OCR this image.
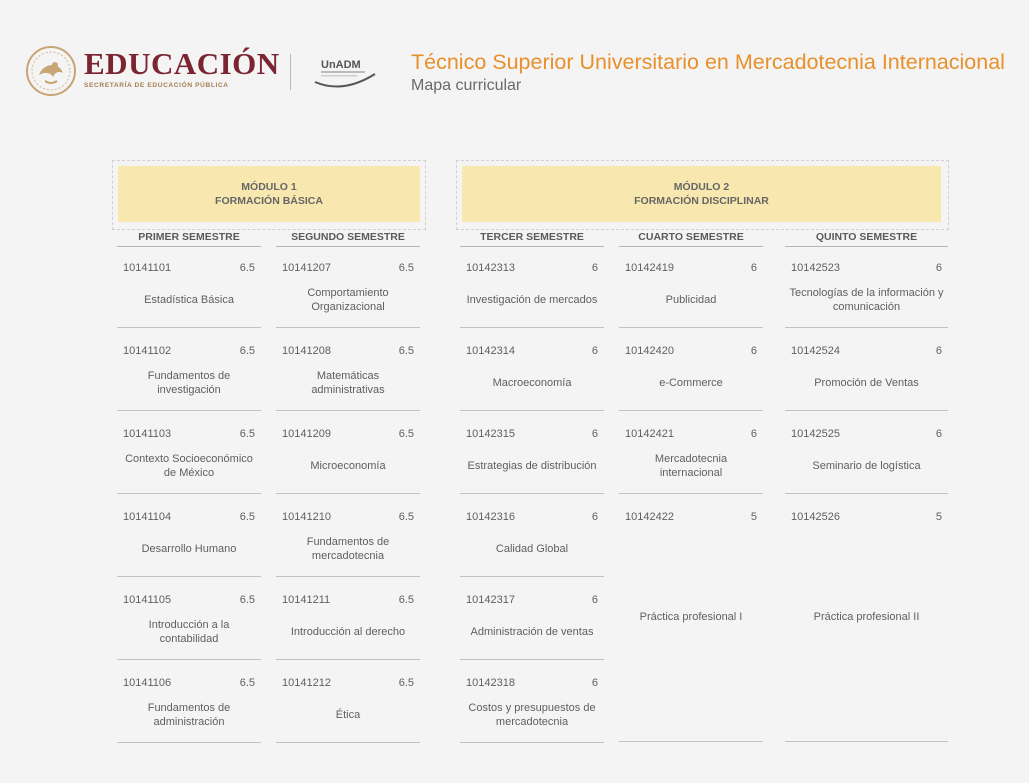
EDUCACIÓN
SECRETARÍA DE EDUCACIÓN PÚBLICA
UnADM Técnico Superior Universitario en Mercadotecnia Internacional
Mapa curricular
MÓDULO 1
FORMACIÓN BÁSICA
MÓDULO 2
FORMACIÓN DISCIPLINAR
PRIMER SEMESTRE
10141101	6.5
Estadística Básica
10141102	6.5
Fundamentos de investigación
10141103	6.5
Contexto Socioeconómico de México
10141104	6.5
Desarrollo Humano
10141105	6.5
Introducción a la contabilidad
10141106	6.5
Fundamentos de administración
SEGUNDO SEMESTRE
10141207	6.5
Comportamiento Organizacional
10141208	6.5
Matemáticas administrativas
10141209	6.5
Microeconomía
10141210	6.5
Fundamentos de mercadotecnia
10141211	6.5
Introducción al derecho
10141212	6.5
Ética
TERCER SEMESTRE
10142313	6
Investigación de mercados
10142314	6
Macroeconomía
10142315	6
Estrategias de distribución
10142316	6
Calidad Global
10142317	6
Administración de ventas
10142318	6
Costos y presupuestos de mercadotecnia
CUARTO SEMESTRE
10142419	6
Publicidad
10142420	6
e-Commerce
10142421	6
Mercadotecnia internacional
10142422	5
Práctica profesional I
QUINTO SEMESTRE
10142523	6
Tecnologías de la información y comunicación
10142524	6
Promoción de Ventas
10142525	6
Seminario de logística
10142526	5
Práctica profesional II
